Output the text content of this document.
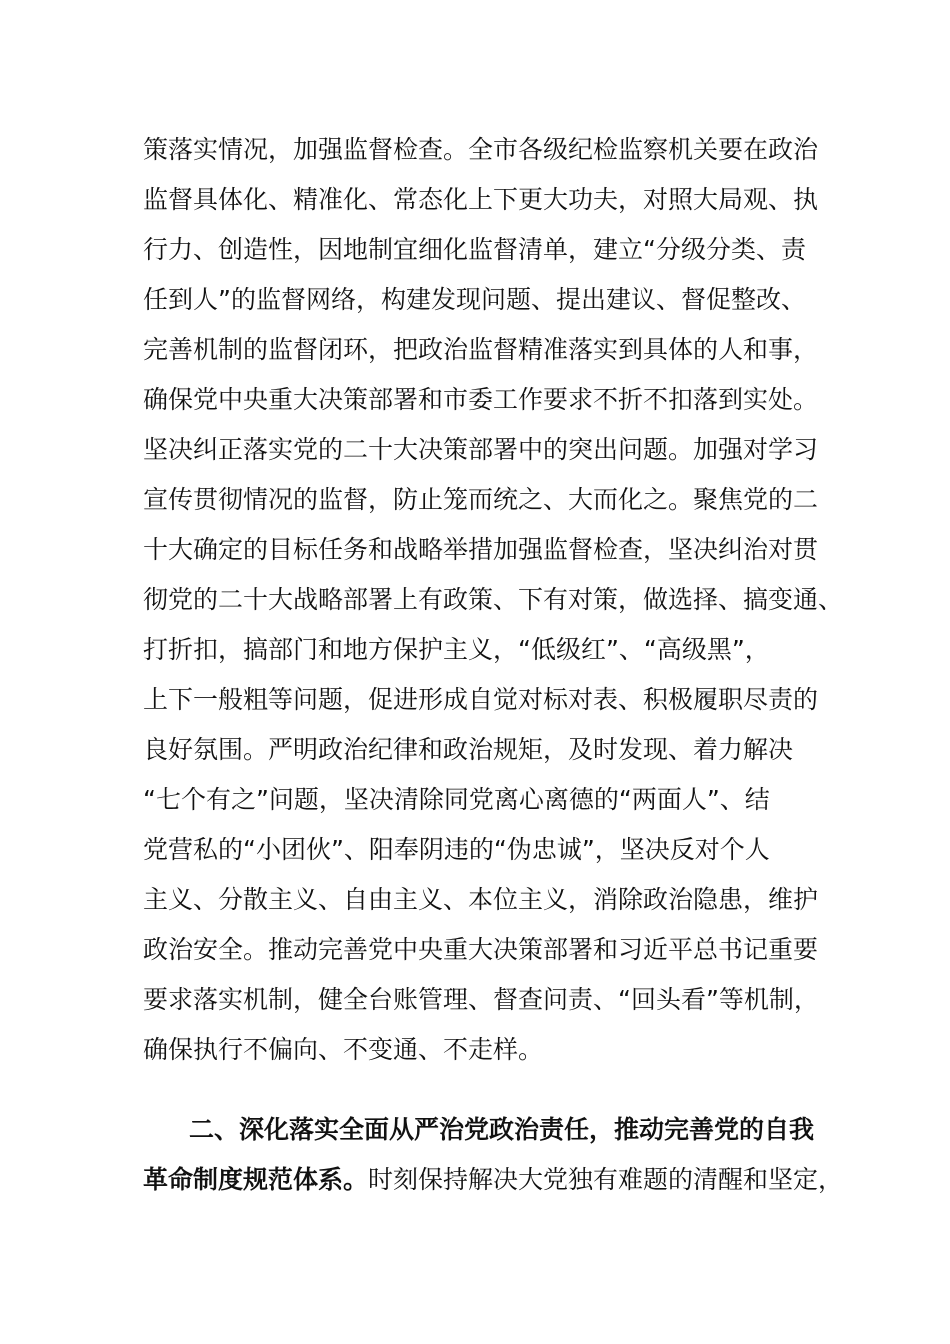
策落实情况，加强监督检查。全市各级纪检监察机关要在政治
监督具体化、精准化、常态化上下更大功夫，对照大局观、执
行力、创造性，因地制宜细化监督清单，建立“分级分类、责
任到人”的监督网络，构建发现问题、提出建议、督促整改、
完善机制的监督闭环，把政治监督精准落实到具体的人和事，
确保党中央重大决策部署和市委工作要求不折不扣落到实处。
坚决纠正落实党的二十大决策部署中的突出问题。加强对学习
宣传贯彻情况的监督，防止笼而统之、大而化之。聚焦党的二
十大确定的目标任务和战略举措加强监督检查，坚决纠治对贯
彻党的二十大战略部署上有政策、下有对策，做选择、搞变通、
打折扣，搞部门和地方保护主义，“低级红”、“高级黑”，
上下一般粗等问题，促进形成自觉对标对表、积极履职尽责的
良好氛围。严明政治纪律和政治规矩，及时发现、着力解决
“七个有之”问题，坚决清除同党离心离德的“两面人”、结
党营私的“小团伙”、阳奉阴违的“伪忠诚”，坚决反对个人
主义、分散主义、自由主义、本位主义，消除政治隐患，维护
政治安全。推动完善党中央重大决策部署和习近平总书记重要
要求落实机制，健全台账管理、督查问责、“回头看”等机制，
确保执行不偏向、不变通、不走样。
二、深化落实全面从严治党政治责任，推动完善党的自我
革命制度规范体系。时刻保持解决大党独有难题的清醒和坚定，
